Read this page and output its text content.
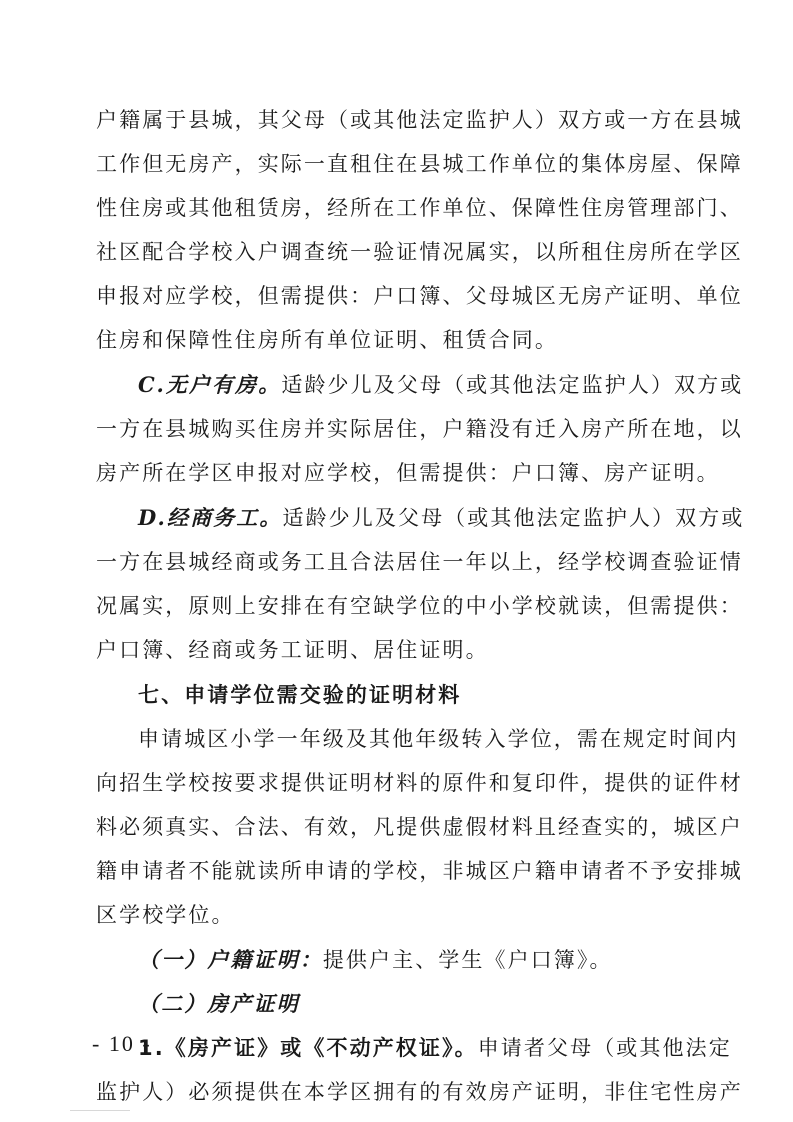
户籍属于县城，其父母（或其他法定监护人）双方或一方在县城
工作但无房产，实际一直租住在县城工作单位的集体房屋、保障
性住房或其他租赁房，经所在工作单位、保障性住房管理部门、
社区配合学校入户调查统一验证情况属实，以所租住房所在学区
申报对应学校，但需提供：户口簿、父母城区无房产证明、单位
住房和保障性住房所有单位证明、租赁合同。
C.无户有房。适龄少儿及父母（或其他法定监护人）双方或
一方在县城购买住房并实际居住，户籍没有迁入房产所在地，以
房产所在学区申报对应学校，但需提供：户口簿、房产证明。
D.经商务工。适龄少儿及父母（或其他法定监护人）双方或
一方在县城经商或务工且合法居住一年以上，经学校调查验证情
况属实，原则上安排在有空缺学位的中小学校就读，但需提供：
户口簿、经商或务工证明、居住证明。
七、申请学位需交验的证明材料
申请城区小学一年级及其他年级转入学位，需在规定时间内
向招生学校按要求提供证明材料的原件和复印件，提供的证件材
料必须真实、合法、有效，凡提供虚假材料且经查实的，城区户
籍申请者不能就读所申请的学校，非城区户籍申请者不予安排城
区学校学位。
（一）户籍证明：提供户主、学生《户口簿》。
（二）房产证明
1.《房产证》或《不动产权证》。申请者父母（或其他法定
监护人）必须提供在本学区拥有的有效房产证明，非住宅性房产
- 10 -
